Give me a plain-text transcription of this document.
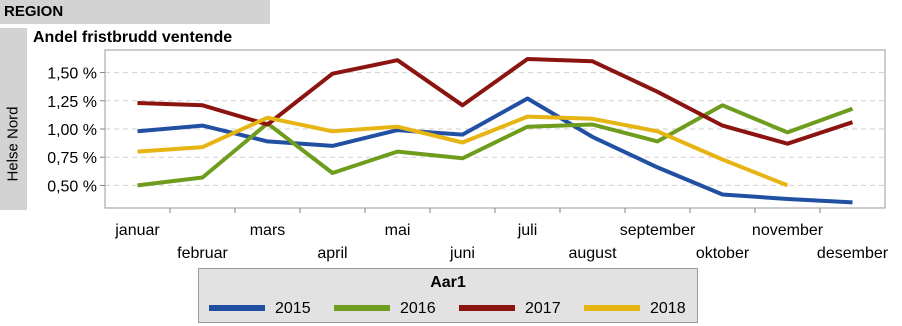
REGION
Helse Nord
Andel fristbrudd ventende
0,50 %
0,75 %
1,00 %
1,25 %
1,50 %
januar
februar
mars
april
mai
juni
juli
august
september
oktober
november
desember
Aar1
2015	2016	2017	2018
